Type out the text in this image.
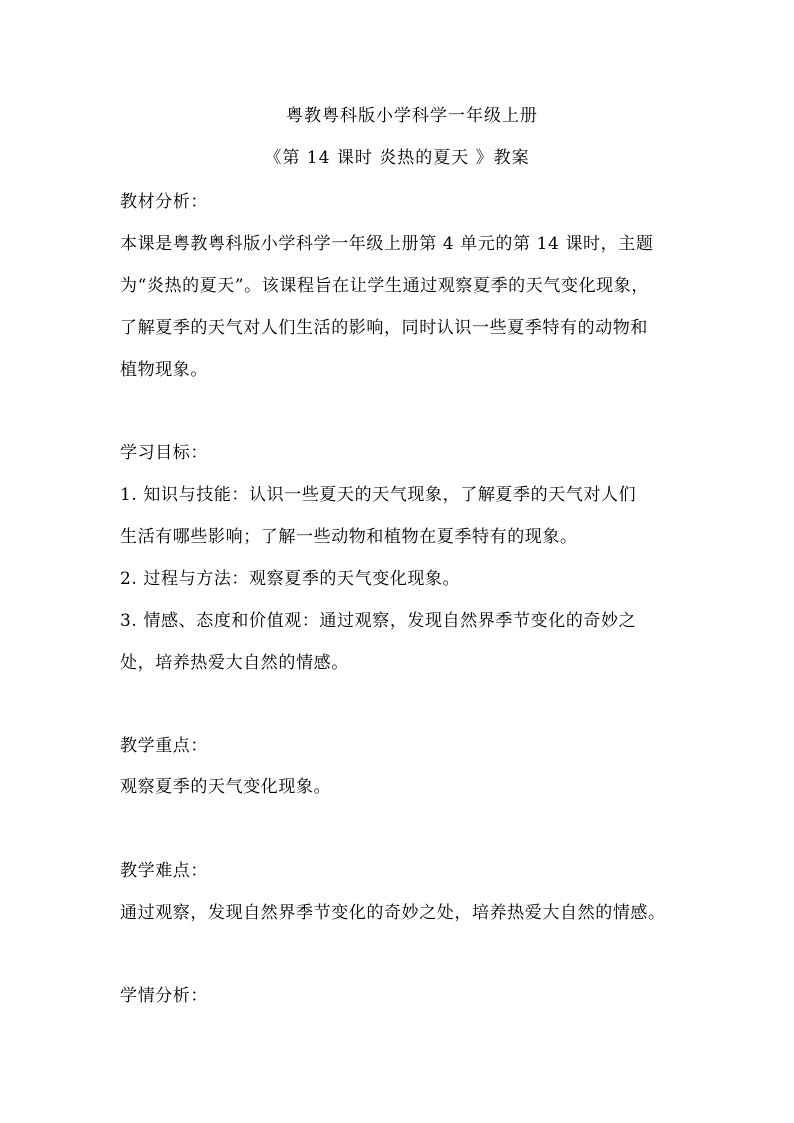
粤教粤科版小学科学一年级上册
《第 14 课时 炎热的夏天 》教案
教材分析：
本课是粤教粤科版小学科学一年级上册第 4 单元的第 14 课时，主题
为“炎热的夏天”。该课程旨在让学生通过观察夏季的天气变化现象，
了解夏季的天气对人们生活的影响，同时认识一些夏季特有的动物和
植物现象。
学习目标：
1. 知识与技能：认识一些夏天的天气现象，了解夏季的天气对人们
生活有哪些影响；了解一些动物和植物在夏季特有的现象。
2. 过程与方法：观察夏季的天气变化现象。
3. 情感、态度和价值观：通过观察，发现自然界季节变化的奇妙之
处，培养热爱大自然的情感。
教学重点：
观察夏季的天气变化现象。
教学难点：
通过观察，发现自然界季节变化的奇妙之处，培养热爱大自然的情感。
学情分析：
